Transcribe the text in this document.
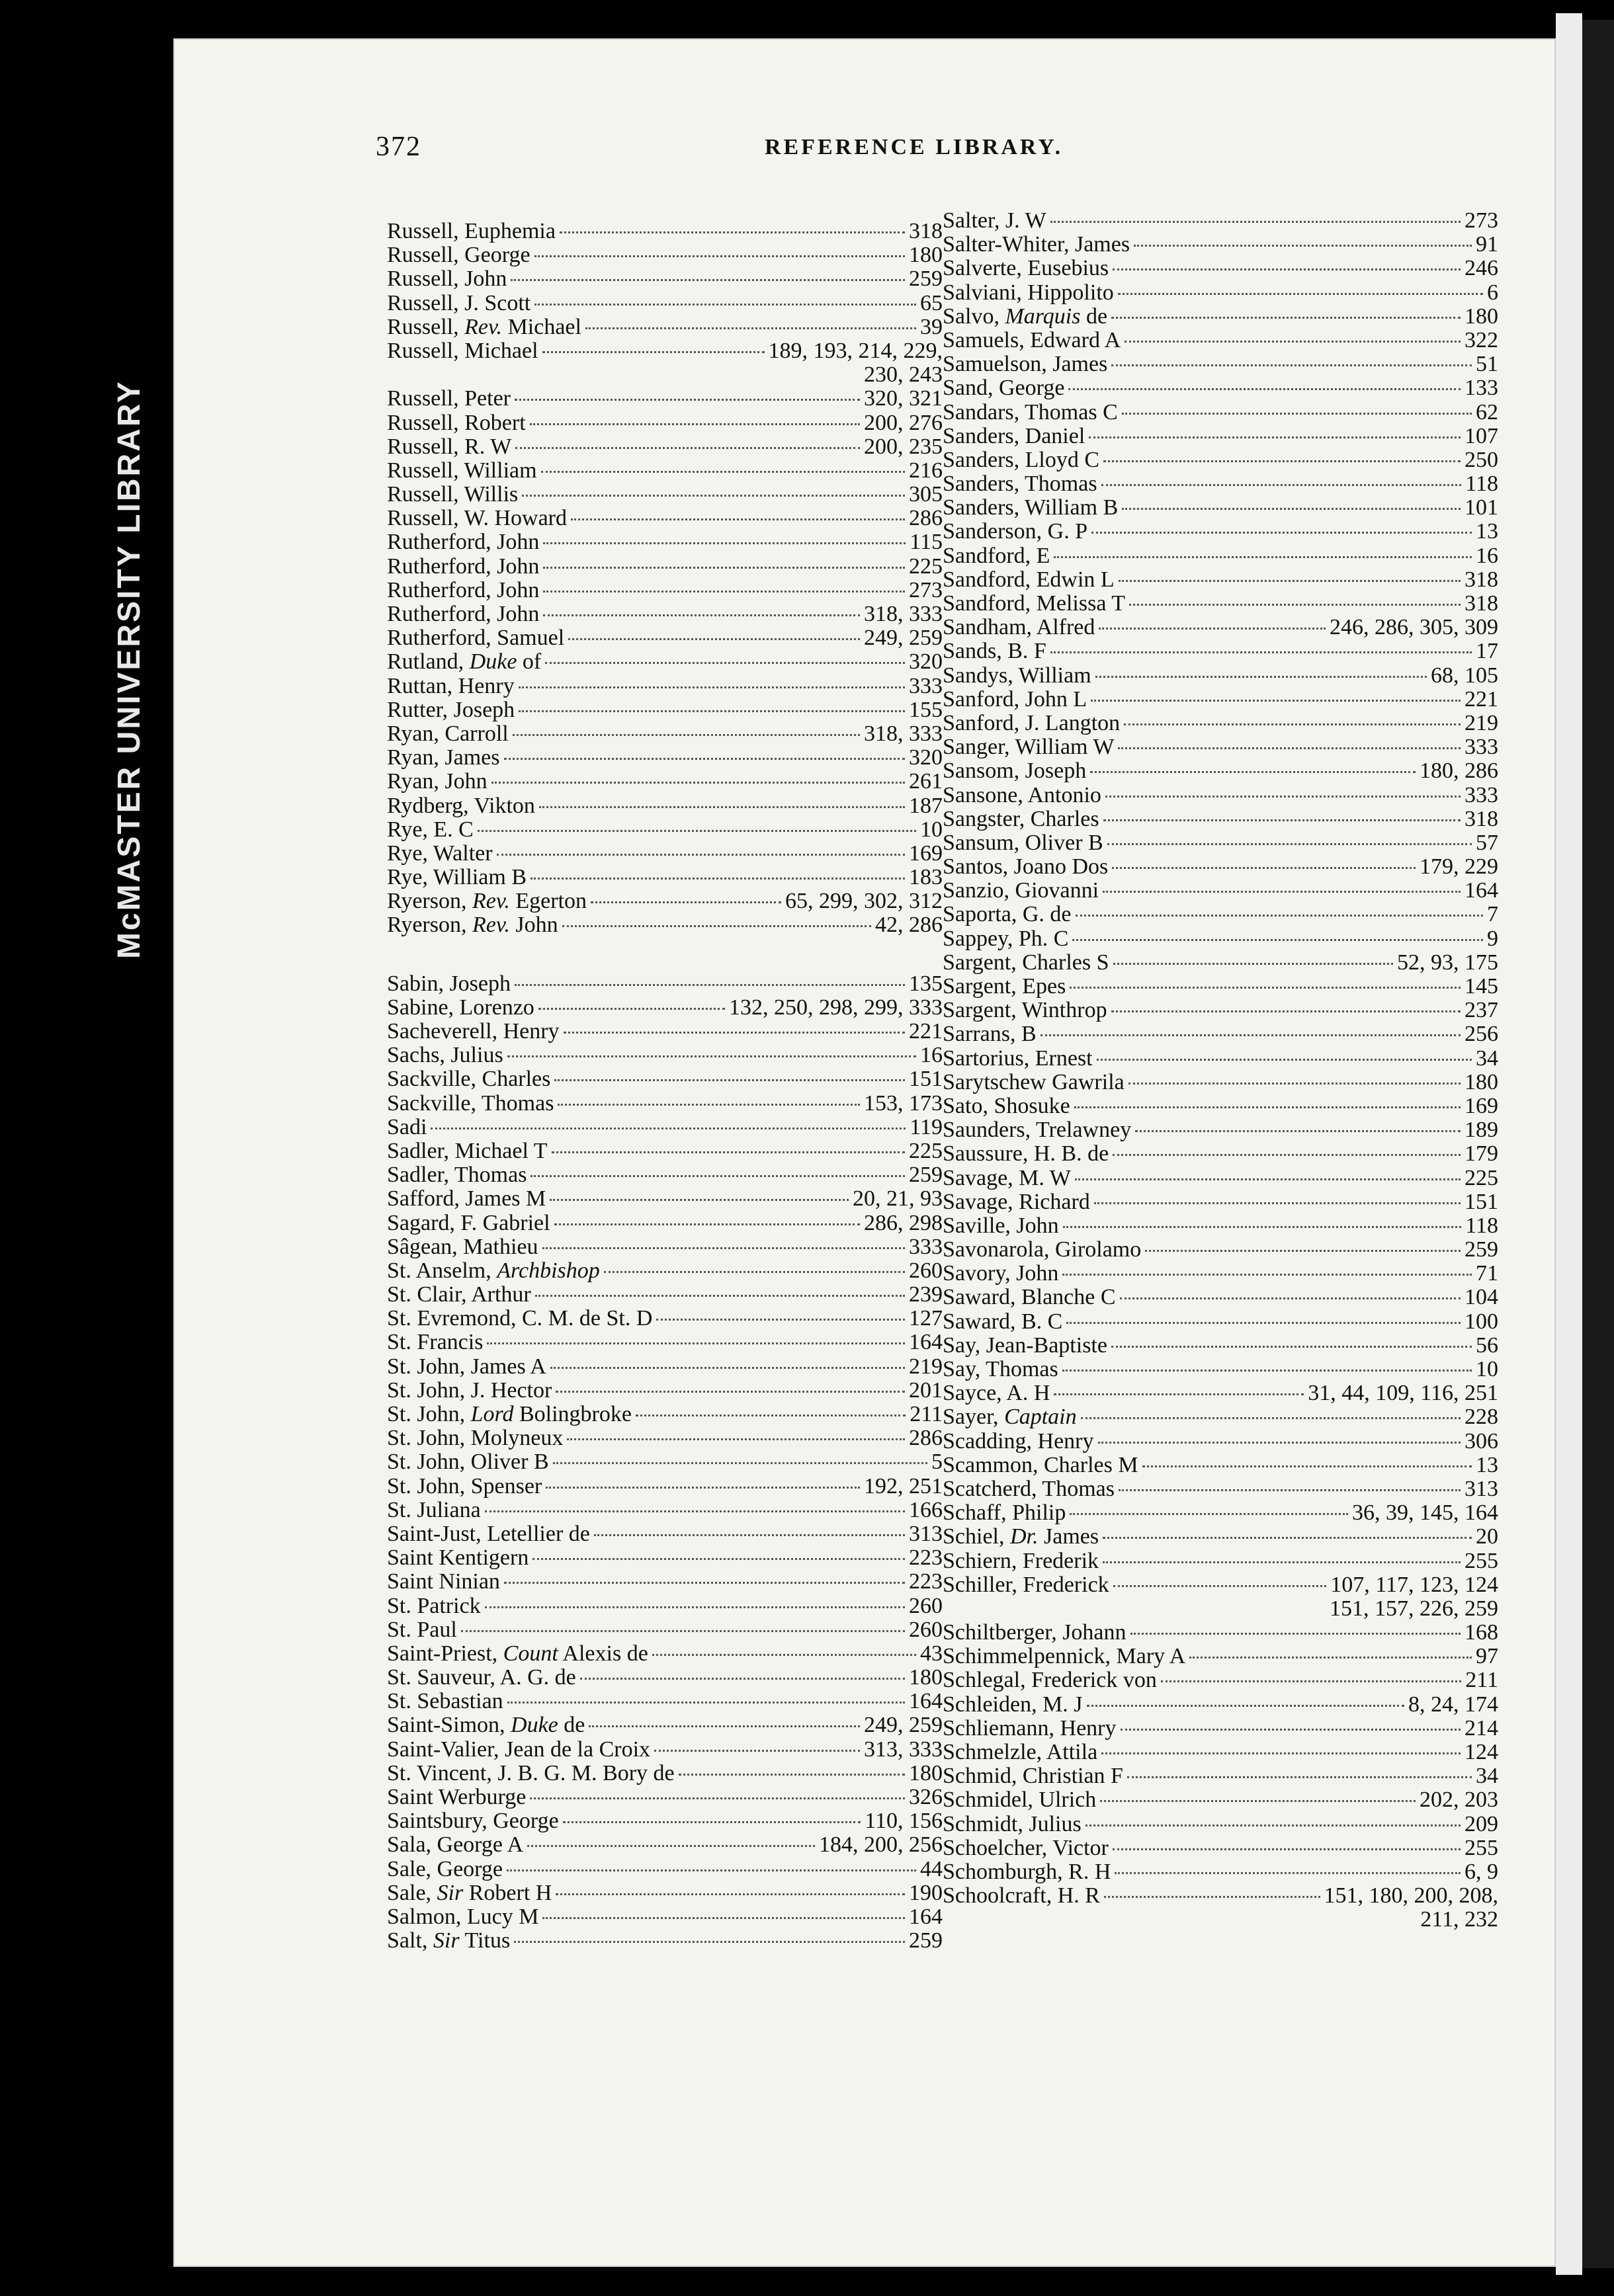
McMASTER UNIVERSITY LIBRARY
372	REFERENCE LIBRARY.
Russell, Euphemia	318
Russell, George	180
Russell, John	259
Russell, J. Scott	65
Russell, Rev. Michael	39
Russell, Michael	189, 193, 214, 229,
230, 243
Russell, Peter	320, 321
Russell, Robert	200, 276
Russell, R. W	200, 235
Russell, William	216
Russell, Willis	305
Russell, W. Howard	286
Rutherford, John	115
Rutherford, John	225
Rutherford, John	273
Rutherford, John	318, 333
Rutherford, Samuel	249, 259
Rutland, Duke of	320
Ruttan, Henry	333
Rutter, Joseph	155
Ryan, Carroll	318, 333
Ryan, James	320
Ryan, John	261
Rydberg, Vikton	187
Rye, E. C	10
Rye, Walter	169
Rye, William B	183
Ryerson, Rev. Egerton	65, 299, 302, 312
Ryerson, Rev. John	42, 286
Sabin, Joseph	135
Sabine, Lorenzo	132, 250, 298, 299, 333
Sacheverell, Henry	221
Sachs, Julius	16
Sackville, Charles	151
Sackville, Thomas	153, 173
Sadi	119
Sadler, Michael T	225
Sadler, Thomas	259
Safford, James M	20, 21, 93
Sagard, F. Gabriel	286, 298
Sâgean, Mathieu	333
St. Anselm, Archbishop	260
St. Clair, Arthur	239
St. Evremond, C. M. de St. D	127
St. Francis	164
St. John, James A	219
St. John, J. Hector	201
St. John, Lord Bolingbroke	211
St. John, Molyneux	286
St. John, Oliver B	5
St. John, Spenser	192, 251
St. Juliana	166
Saint-Just, Letellier de	313
Saint Kentigern	223
Saint Ninian	223
St. Patrick	260
St. Paul	260
Saint-Priest, Count Alexis de	43
St. Sauveur, A. G. de	180
St. Sebastian	164
Saint-Simon, Duke de	249, 259
Saint-Valier, Jean de la Croix	313, 333
St. Vincent, J. B. G. M. Bory de	180
Saint Werburge	326
Saintsbury, George	110, 156
Sala, George A	184, 200, 256
Sale, George	44
Sale, Sir Robert H	190
Salmon, Lucy M	164
Salt, Sir Titus	259
Salter, J. W	273
Salter-Whiter, James	91
Salverte, Eusebius	246
Salviani, Hippolito	6
Salvo, Marquis de	180
Samuels, Edward A	322
Samuelson, James	51
Sand, George	133
Sandars, Thomas C	62
Sanders, Daniel	107
Sanders, Lloyd C	250
Sanders, Thomas	118
Sanders, William B	101
Sanderson, G. P	13
Sandford, E	16
Sandford, Edwin L	318
Sandford, Melissa T	318
Sandham, Alfred	246, 286, 305, 309
Sands, B. F	17
Sandys, William	68, 105
Sanford, John L	221
Sanford, J. Langton	219
Sanger, William W	333
Sansom, Joseph	180, 286
Sansone, Antonio	333
Sangster, Charles	318
Sansum, Oliver B	57
Santos, Joano Dos	179, 229
Sanzio, Giovanni	164
Saporta, G. de	7
Sappey, Ph. C	9
Sargent, Charles S	52, 93, 175
Sargent, Epes	145
Sargent, Winthrop	237
Sarrans, B	256
Sartorius, Ernest	34
Sarytschew Gawrila	180
Sato, Shosuke	169
Saunders, Trelawney	189
Saussure, H. B. de	179
Savage, M. W	225
Savage, Richard	151
Saville, John	118
Savonarola, Girolamo	259
Savory, John	71
Saward, Blanche C	104
Saward, B. C	100
Say, Jean-Baptiste	56
Say, Thomas	10
Sayce, A. H	31, 44, 109, 116, 251
Sayer, Captain	228
Scadding, Henry	306
Scammon, Charles M	13
Scatcherd, Thomas	313
Schaff, Philip	36, 39, 145, 164
Schiel, Dr. James	20
Schiern, Frederik	255
Schiller, Frederick	107, 117, 123, 124
151, 157, 226, 259
Schiltberger, Johann	168
Schimmelpennick, Mary A	97
Schlegal, Frederick von	211
Schleiden, M. J	8, 24, 174
Schliemann, Henry	214
Schmelzle, Attila	124
Schmid, Christian F	34
Schmidel, Ulrich	202, 203
Schmidt, Julius	209
Schoelcher, Victor	255
Schomburgh, R. H	6, 9
Schoolcraft, H. R	151, 180, 200, 208,
211, 232
